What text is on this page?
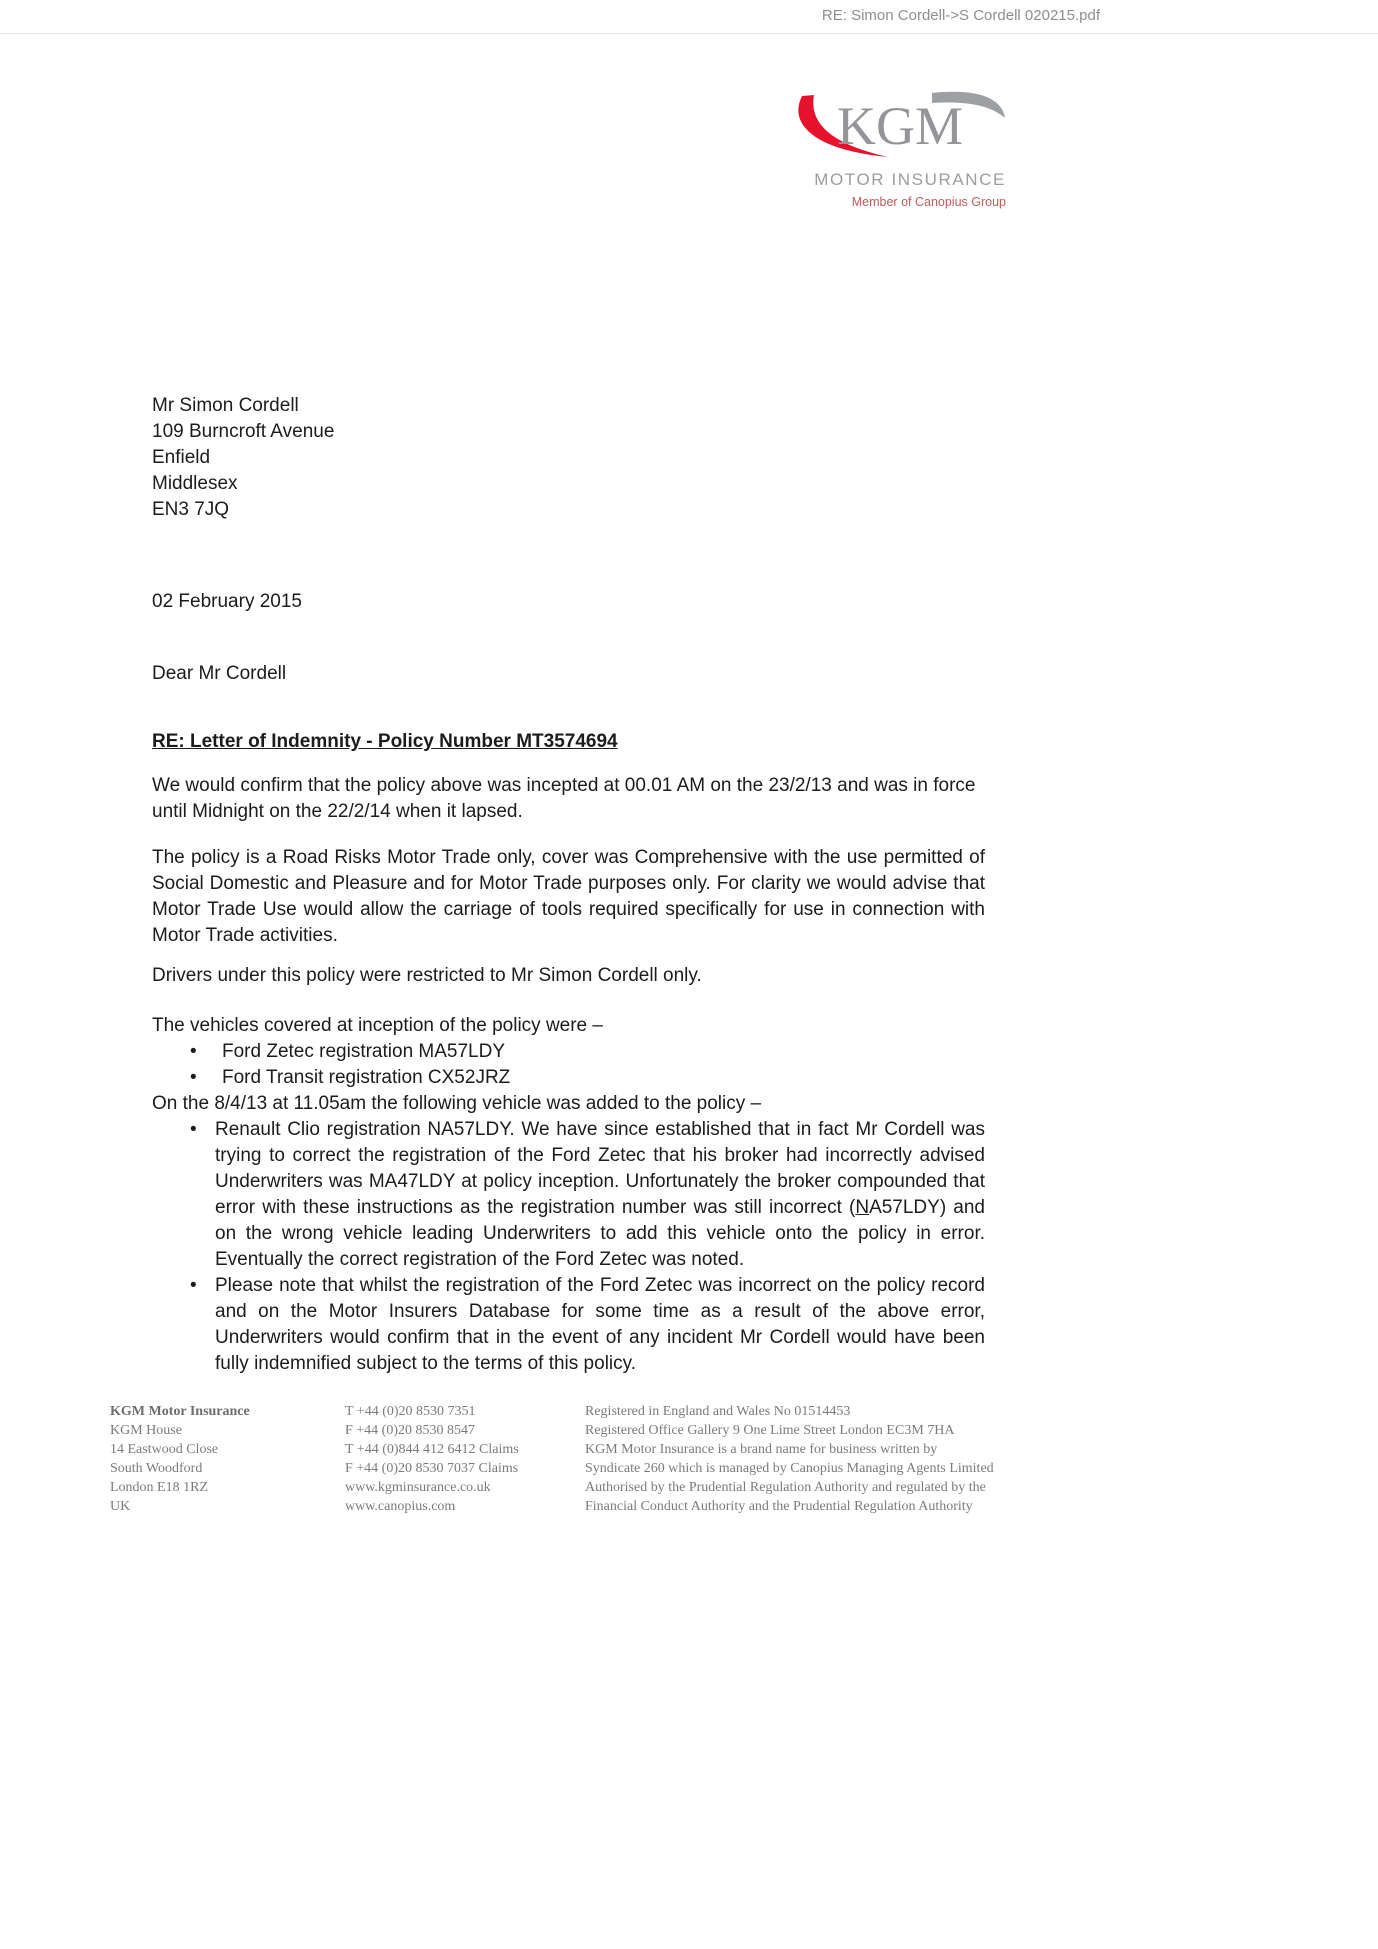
RE: Simon Cordell->S Cordell 020215.pdf
KGM
MOTOR INSURANCE
Member of Canopius Group
Mr Simon Cordell
109 Burncroft Avenue
Enfield
Middlesex
EN3 7JQ
02 February 2015
Dear Mr Cordell
RE: Letter of Indemnity - Policy Number MT3574694

We would confirm that the policy above was incepted at 00.01 AM on the 23/2/13 and was in force until Midnight on the 22/2/14 when it lapsed.

The policy is a Road Risks Motor Trade only, cover was Comprehensive with the use permitted of Social Domestic and Pleasure and for Motor Trade purposes only. For clarity we would advise that Motor Trade Use would allow the carriage of tools required specifically for use in connection with Motor Trade activities.

Drivers under this policy were restricted to Mr Simon Cordell only.

The vehicles covered at inception of the policy were –

• Ford Zetec registration MA57LDY
• Ford Transit registration CX52JRZ
On the 8/4/13 at 11.05am the following vehicle was added to the policy –
• Renault Clio registration NA57LDY. We have since established that in fact Mr Cordell was trying to correct the registration of the Ford Zetec that his broker had incorrectly advised Underwriters was MA47LDY at policy inception. Unfortunately the broker compounded that error with these instructions as the registration number was still incorrect (NA57LDY) and on the wrong vehicle leading Underwriters to add this vehicle onto the policy in error. Eventually the correct registration of the Ford Zetec was noted.
• Please note that whilst the registration of the Ford Zetec was incorrect on the policy record and on the Motor Insurers Database for some time as a result of the above error, Underwriters would confirm that in the event of any incident Mr Cordell would have been fully indemnified subject to the terms of this policy.
KGM Motor Insurance
KGM House
14 Eastwood Close
South Woodford
London E18 1RZ
UK
T +44 (0)20 8530 7351
F +44 (0)20 8530 8547
T +44 (0)844 412 6412 Claims
F +44 (0)20 8530 7037 Claims
www.kgminsurance.co.uk
www.canopius.com
Registered in England and Wales No 01514453
Registered Office Gallery 9 One Lime Street London EC3M 7HA
KGM Motor Insurance is a brand name for business written by
Syndicate 260 which is managed by Canopius Managing Agents Limited
Authorised by the Prudential Regulation Authority and regulated by the
Financial Conduct Authority and the Prudential Regulation Authority
